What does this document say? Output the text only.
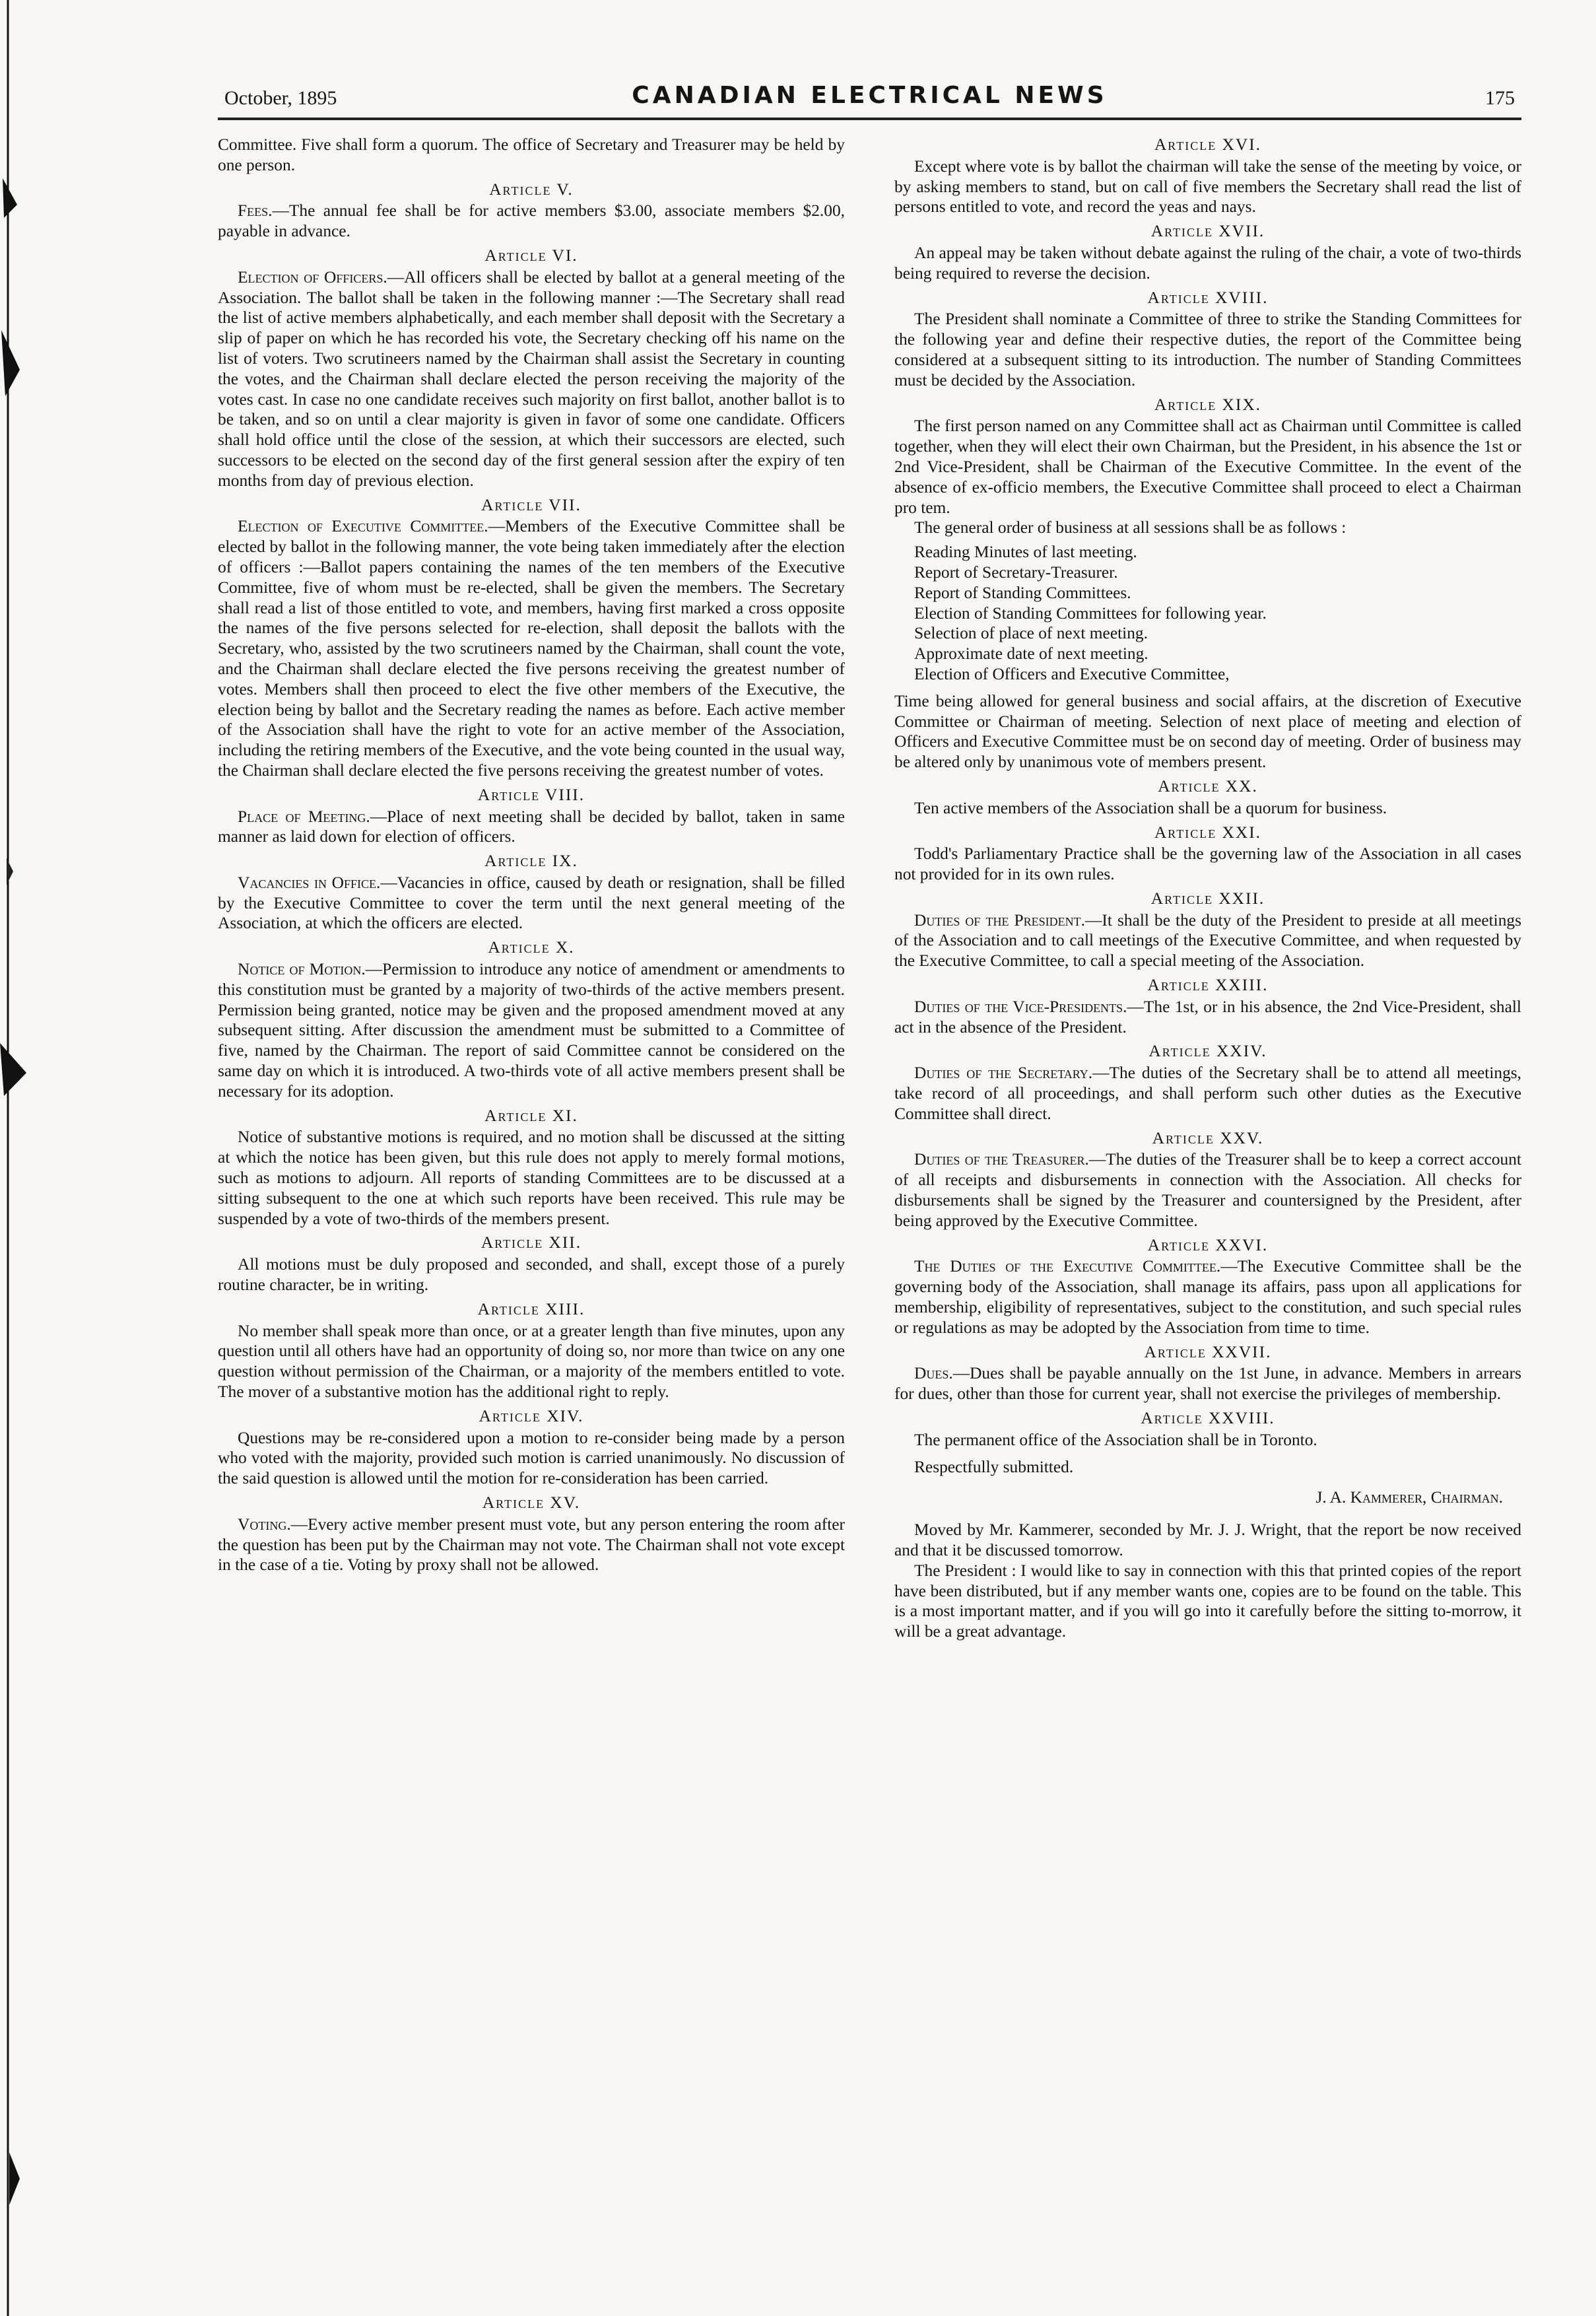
October, 1895	CANADIAN ELECTRICAL NEWS	175

Committee. Five shall form a quorum. The office of Secretary and Treasurer may be held by one person.

Article V.

Fees.—The annual fee shall be for active members $3.00, associate members $2.00, payable in advance.

Article VI.

Election of Officers.—All officers shall be elected by ballot at a general meeting of the Association. The ballot shall be taken in the following manner :—The Secretary shall read the list of active members alphabetically, and each member shall deposit with the Secretary a slip of paper on which he has recorded his vote, the Secretary checking off his name on the list of voters. Two scrutineers named by the Chairman shall assist the Secretary in counting the votes, and the Chairman shall declare elected the person receiving the majority of the votes cast. In case no one candidate receives such majority on first ballot, another ballot is to be taken, and so on until a clear majority is given in favor of some one candidate. Officers shall hold office until the close of the session, at which their successors are elected, such successors to be elected on the second day of the first general session after the expiry of ten months from day of previous election.

Article VII.

Election of Executive Committee.—Members of the Executive Committee shall be elected by ballot in the following manner, the vote being taken immediately after the election of officers :—Ballot papers containing the names of the ten members of the Executive Committee, five of whom must be re-elected, shall be given the members. The Secretary shall read a list of those entitled to vote, and members, having first marked a cross opposite the names of the five persons selected for re-election, shall deposit the ballots with the Secretary, who, assisted by the two scrutineers named by the Chairman, shall count the vote, and the Chairman shall declare elected the five persons receiving the greatest number of votes. Members shall then proceed to elect the five other members of the Executive, the election being by ballot and the Secretary reading the names as before. Each active member of the Association shall have the right to vote for an active member of the Association, including the retiring members of the Executive, and the vote being counted in the usual way, the Chairman shall declare elected the five persons receiving the greatest number of votes.

Article VIII.

Place of Meeting.—Place of next meeting shall be decided by ballot, taken in same manner as laid down for election of officers.

Article IX.

Vacancies in Office.—Vacancies in office, caused by death or resignation, shall be filled by the Executive Committee to cover the term until the next general meeting of the Association, at which the officers are elected.

Article X.

Notice of Motion.—Permission to introduce any notice of amendment or amendments to this constitution must be granted by a majority of two-thirds of the active members present. Permission being granted, notice may be given and the proposed amendment moved at any subsequent sitting. After discussion the amendment must be submitted to a Committee of five, named by the Chairman. The report of said Committee cannot be considered on the same day on which it is introduced. A two-thirds vote of all active members present shall be necessary for its adoption.

Article XI.

Notice of substantive motions is required, and no motion shall be discussed at the sitting at which the notice has been given, but this rule does not apply to merely formal motions, such as motions to adjourn. All reports of standing Committees are to be discussed at a sitting subsequent to the one at which such reports have been received. This rule may be suspended by a vote of two-thirds of the members present.

Article XII.

All motions must be duly proposed and seconded, and shall, except those of a purely routine character, be in writing.

Article XIII.

No member shall speak more than once, or at a greater length than five minutes, upon any question until all others have had an opportunity of doing so, nor more than twice on any one question without permission of the Chairman, or a majority of the members entitled to vote. The mover of a substantive motion has the additional right to reply.

Article XIV.

Questions may be re-considered upon a motion to re-consider being made by a person who voted with the majority, provided such motion is carried unanimously. No discussion of the said question is allowed until the motion for re-consideration has been carried.

Article XV.

Voting.—Every active member present must vote, but any person entering the room after the question has been put by the Chairman may not vote. The Chairman shall not vote except in the case of a tie. Voting by proxy shall not be allowed.

Article XVI.

Except where vote is by ballot the chairman will take the sense of the meeting by voice, or by asking members to stand, but on call of five members the Secretary shall read the list of persons entitled to vote, and record the yeas and nays.

Article XVII.

An appeal may be taken without debate against the ruling of the chair, a vote of two-thirds being required to reverse the decision.

Article XVIII.

The President shall nominate a Committee of three to strike the Standing Committees for the following year and define their respective duties, the report of the Committee being considered at a subsequent sitting to its introduction. The number of Standing Committees must be decided by the Association.

Article XIX.

The first person named on any Committee shall act as Chairman until Committee is called together, when they will elect their own Chairman, but the President, in his absence the 1st or 2nd Vice-President, shall be Chairman of the Executive Committee. In the event of the absence of ex-officio members, the Executive Committee shall proceed to elect a Chairman pro tem.

The general order of business at all sessions shall be as follows :

Reading Minutes of last meeting.
Report of Secretary-Treasurer.
Report of Standing Committees.
Election of Standing Committees for following year.
Selection of place of next meeting.
Approximate date of next meeting.
Election of Officers and Executive Committee,

Time being allowed for general business and social affairs, at the discretion of Executive Committee or Chairman of meeting. Selection of next place of meeting and election of Officers and Executive Committee must be on second day of meeting. Order of business may be altered only by unanimous vote of members present.

Article XX.

Ten active members of the Association shall be a quorum for business.

Article XXI.

Todd's Parliamentary Practice shall be the governing law of the Association in all cases not provided for in its own rules.

Article XXII.

Duties of the President.—It shall be the duty of the President to preside at all meetings of the Association and to call meetings of the Executive Committee, and when requested by the Executive Committee, to call a special meeting of the Association.

Article XXIII.

Duties of the Vice-Presidents.—The 1st, or in his absence, the 2nd Vice-President, shall act in the absence of the President.

Article XXIV.

Duties of the Secretary.—The duties of the Secretary shall be to attend all meetings, take record of all proceedings, and shall perform such other duties as the Executive Committee shall direct.

Article XXV.

Duties of the Treasurer.—The duties of the Treasurer shall be to keep a correct account of all receipts and disbursements in connection with the Association. All checks for disbursements shall be signed by the Treasurer and countersigned by the President, after being approved by the Executive Committee.

Article XXVI.

The Duties of the Executive Committee.—The Executive Committee shall be the governing body of the Association, shall manage its affairs, pass upon all applications for membership, eligibility of representatives, subject to the constitution, and such special rules or regulations as may be adopted by the Association from time to time.

Article XXVII.

Dues.—Dues shall be payable annually on the 1st June, in advance. Members in arrears for dues, other than those for current year, shall not exercise the privileges of membership.

Article XXVIII.

The permanent office of the Association shall be in Toronto.

Respectfully submitted.

J. A. Kammerer, Chairman.

Moved by Mr. Kammerer, seconded by Mr. J. J. Wright, that the report be now received and that it be discussed tomorrow.

The President : I would like to say in connection with this that printed copies of the report have been distributed, but if any member wants one, copies are to be found on the table. This is a most important matter, and if you will go into it carefully before the sitting to-morrow, it will be a great advantage.
